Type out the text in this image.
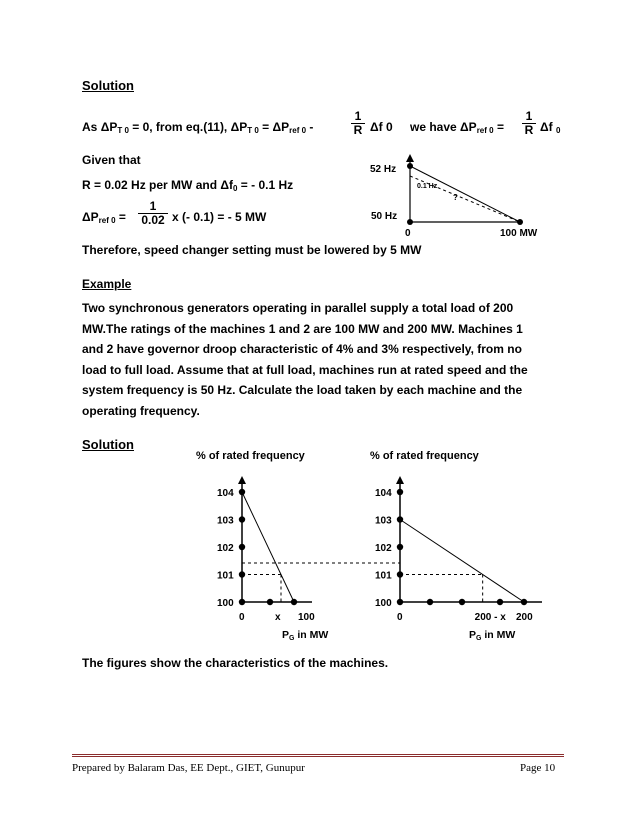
Solution
As $\Delta P_{T 0} = 0$, from eq.(11), $\Delta P_{T 0} = \Delta P_{ref 0}$ -	$\frac{1}{R}$ Δf 0 we have $\Delta P_{ref 0} = \frac{1}{R}$ Δf $_0$
Given that
R = 0.02 Hz per MW and $\Delta f_0$ = - 0.1 Hz
$\Delta P_{ref 0} = \frac{1}{0.02}$ x (- 0.1) = - 5 MW
Therefore, speed changer setting must be lowered by 5 MW
52 Hz
50 Hz
0	100 MW
0.1 Hz
?
Example
Two synchronous generators operating in parallel supply a total load of 200
MW.The ratings of the machines 1 and 2 are 100 MW and 200 MW. Machines 1
and 2 have governor droop characteristic of 4% and 3% respectively, from no
load to full load. Assume that at full load, machines run at rated speed and the
system frequency is 50 Hz. Calculate the load taken by each machine and the
operating frequency.
Solution
% of rated frequency
104
103
102
101
100
0	x 100
PG in MW
% of rated frequency
104
103
102
101
100
0	200 - x 200
PG in MW
The figures show the characteristics of the machines.
Prepared by Balaram Das, EE Dept., GIET, Gunupur	Page 10
